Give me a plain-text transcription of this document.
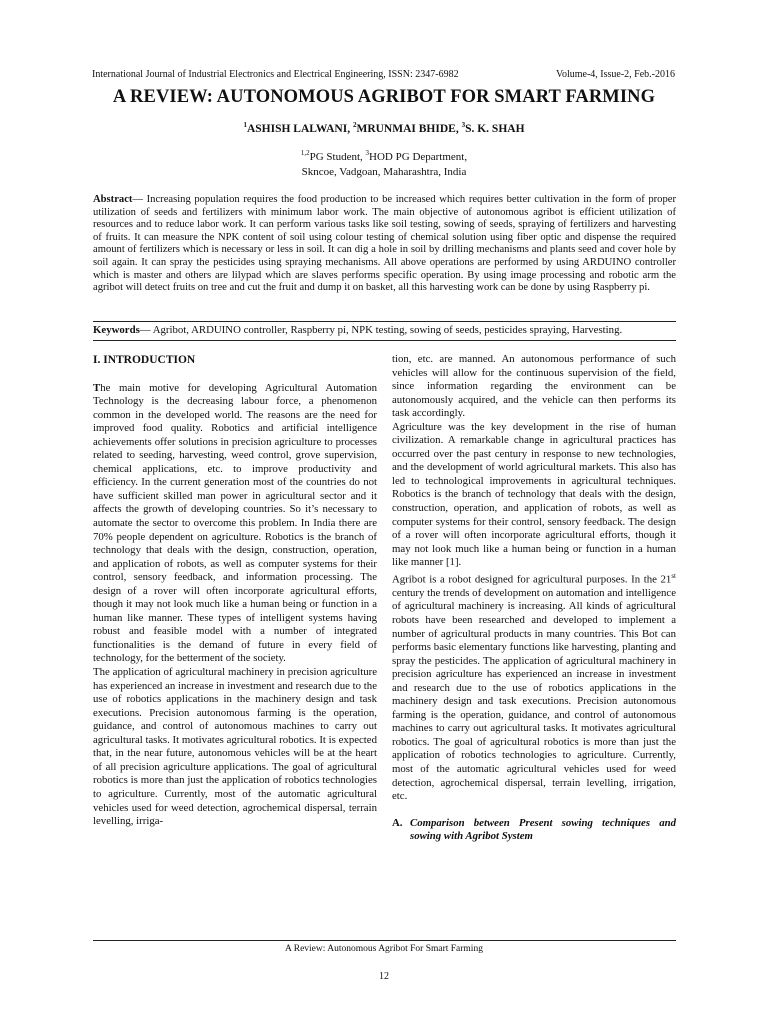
International Journal of Industrial Electronics and Electrical Engineering, ISSN: 2347-6982	Volume-4, Issue-2, Feb.-2016
A REVIEW: AUTONOMOUS AGRIBOT FOR SMART FARMING
$^1$ASHISH LALWANI, $^2$MRUNMAI BHIDE, $^3$S. K. SHAH
$^{1,2}$PG Student, $^3$HOD PG Department,
Skncoe, Vadgoan, Maharashtra, India
Abstract— Increasing population requires the food production to be increased which requires better cultivation in the form of proper utilization of seeds and fertilizers with minimum labor work. The main objective of autonomous agribot is efficient utilization of resources and to reduce labor work. It can perform various tasks like soil testing, sowing of seeds, spraying of fertilizers and harvesting of fruits. It can measure the NPK content of soil using colour testing of chemical solution using fiber optic and dispense the required amount of fertilizers which is necessary or less in soil. It can dig a hole in soil by drilling mechanisms and plants seed and cover hole by soil again. It can spray the pesticides using spraying mechanisms. All above operations are performed by using ARDUINO controller which is master and others are lilypad which are slaves performs specific operation. By using image processing and robotic arm the agribot will detect fruits on tree and cut the fruit and dump it on basket, all this harvesting work can be done by using Raspberry pi.
Keywords— Agribot, ARDUINO controller, Raspberry pi, NPK testing, sowing of seeds, pesticides spraying, Harvesting.
I. INTRODUCTION

The main motive for developing Agricultural Automation Technology is the decreasing labour force, a phenomenon common in the developed world. The reasons are the need for improved food quality. Robotics and artificial intelligence achievements offer solutions in precision agriculture to processes related to seeding, harvesting, weed control, grove supervision, chemical applications, etc. to improve productivity and efficiency. In the current generation most of the countries do not have sufficient skilled man power in agricultural sector and it affects the growth of developing countries. So it’s necessary to automate the sector to overcome this problem. In India there are 70% people dependent on agriculture. Robotics is the branch of technology that deals with the design, construction, operation, and application of robots, as well as computer systems for their control, sensory feedback, and information processing. The design of a rover will often incorporate agricultural efforts, though it may not look much like a human being or function in a human like manner. These types of intelligent systems having robust and feasible model with a number of integrated functionalities is the demand of future in every field of technology, for the betterment of the society.

The application of agricultural machinery in precision agriculture has experienced an increase in investment and research due to the use of robotics applications in the machinery design and task executions. Precision autonomous farming is the operation, guidance, and control of autonomous machines to carry out agricultural tasks. It motivates agricultural robotics. It is expected that, in the near future, autonomous vehicles will be at the heart of all precision agriculture applications. The goal of agricultural robotics is more than just the application of robotics technologies to agriculture. Currently, most of the automatic agricultural vehicles used for weed detection, agrochemical dispersal, terrain levelling, irriga-

tion, etc. are manned. An autonomous performance of such vehicles will allow for the continuous supervision of the field, since information regarding the environment can be autonomously acquired, and the vehicle can then performs its task accordingly.

Agriculture was the key development in the rise of human civilization. A remarkable change in agricultural practices has occurred over the past century in response to new technologies, and the development of world agricultural markets. This also has led to technological improvements in agricultural techniques. Robotics is the branch of technology that deals with the design, construction, operation, and application of robots, as well as computer systems for their control, sensory feedback. The design of a rover will often incorporate agricultural efforts, though it may not look much like a human being or function in a human like manner [1].

Agribot is a robot designed for agricultural purposes. In the 21st century the trends of development on automation and intelligence of agricultural machinery is increasing. All kinds of agricultural robots have been researched and developed to implement a number of agricultural products in many countries. This Bot can performs basic elementary functions like harvesting, planting and spray the pesticides. The application of agricultural machinery in precision agriculture has experienced an increase in investment and research due to the use of robotics applications in the machinery design and task executions. Precision autonomous farming is the operation, guidance, and control of autonomous machines to carry out agricultural tasks. It motivates agricultural robotics. The goal of agricultural robotics is more than just the application of robotics technologies to agriculture. Currently, most of the automatic agricultural vehicles used for weed detection, agrochemical dispersal, terrain levelling, irrigation, etc.

A. Comparison between Present sowing techniques and sowing with Agribot System
A Review: Autonomous Agribot For Smart Farming
12
